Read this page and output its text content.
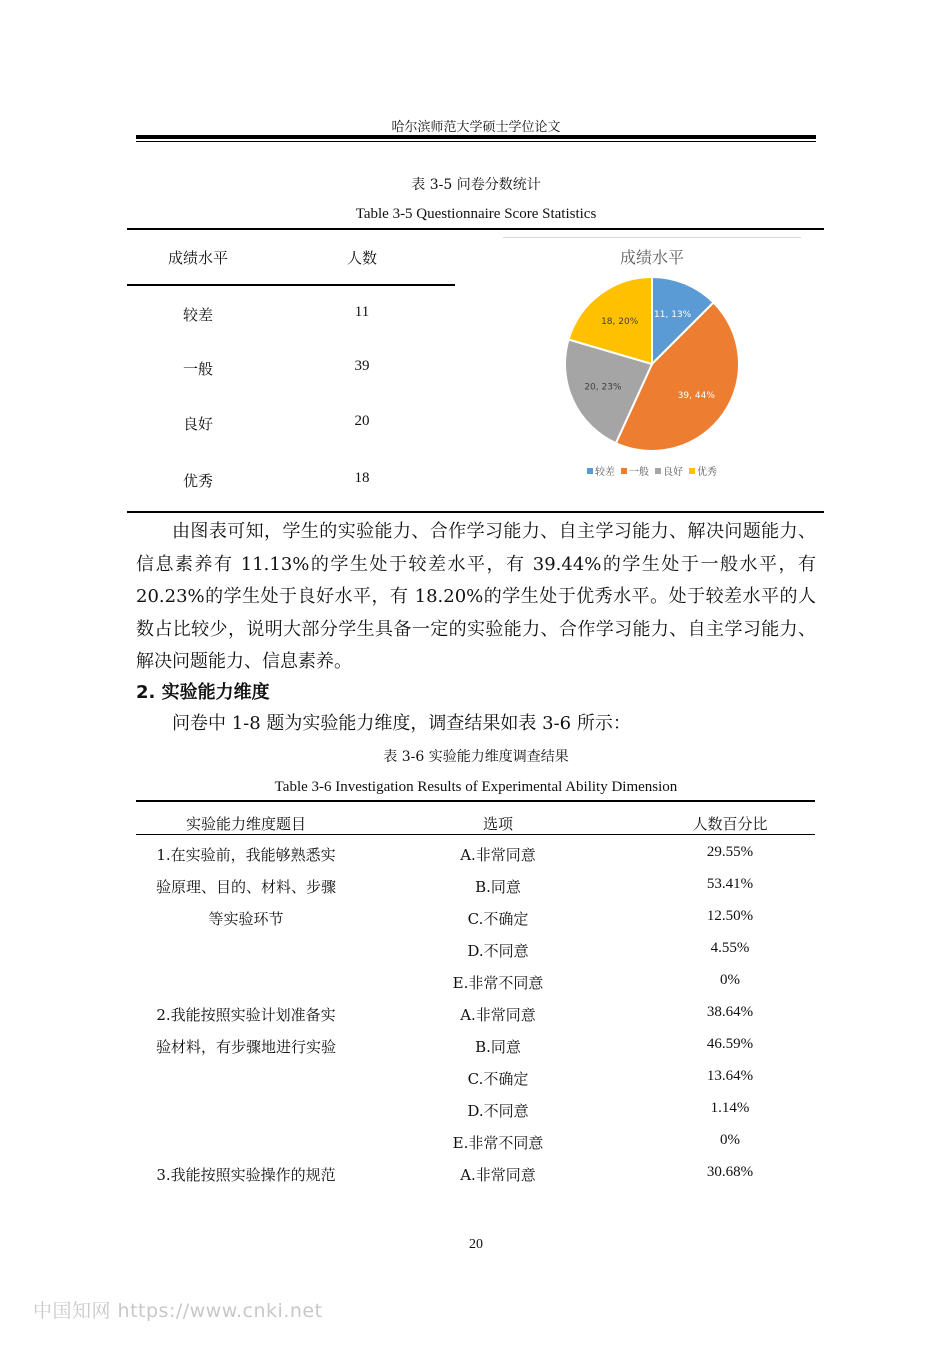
哈尔滨师范大学硕士学位论文
表 3-5 问卷分数统计
Table 3-5 Questionnaire Score Statistics
成绩水平	人数
较差	11
一般	39
良好	20
优秀	18
成绩水平
11, 13%
39, 44%
20, 23%
18, 20%
较差 一般 良好 优秀
由图表可知，学生的实验能力、合作学习能力、自主学习能力、解决问题能力、信息素养有 11.13%的学生处于较差水平，有 39.44%的学生处于一般水平，有 20.23%的学生处于良好水平，有 18.20%的学生处于优秀水平。处于较差水平的人数占比较少，说明大部分学生具备一定的实验能力、合作学习能力、自主学习能力、解决问题能力、信息素养。
2. 实验能力维度
问卷中 1-8 题为实验能力维度，调查结果如表 3-6 所示：
表 3-6 实验能力维度调查结果
Table 3-6 Investigation Results of Experimental Ability Dimension
实验能力维度题目	选项	人数百分比
1.在实验前，我能够熟悉实	A.非常同意	29.55%
验原理、目的、材料、步骤	B.同意	53.41%
等实验环节	C.不确定	12.50%
D.不同意	4.55%
E.非常不同意	0%
2.我能按照实验计划准备实	A.非常同意	38.64%
验材料，有步骤地进行实验	B.同意	46.59%
C.不确定	13.64%
D.不同意	1.14%
E.非常不同意	0%
3.我能按照实验操作的规范	A.非常同意	30.68%
20
中国知网 https://www.cnki.net
